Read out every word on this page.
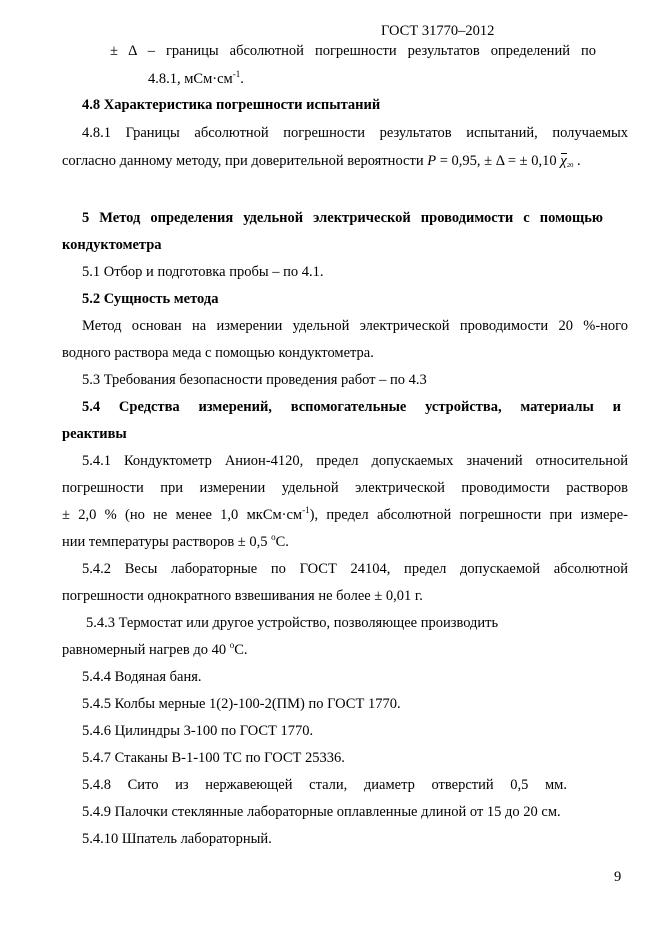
ГОСТ 31770–2012

± Δ – границы абсолютной погрешности результатов определений по

4.8.1, $мСм\cdot см^{-1}$.

4.8 Характеристика погрешности испытаний

4.8.1 Границы абсолютной погрешности результатов испытаний, получаемых

согласно данному методу, при доверительной вероятности P = 0,95, ± Δ = ± 0,10 $\chi_{20}$ .

5 Метод определения удельной электрической проводимости с помощью

кондуктометра

5.1 Отбор и подготовка пробы – по 4.1.

5.2 Сущность метода

Метод основан на измерении удельной электрической проводимости 20 %-ного

водного раствора меда с помощью кондуктометра.

5.3 Требования безопасности проведения работ – по 4.3

5.4 Средства измерений, вспомогательные устройства, материалы и

реактивы

5.4.1 Кондуктометр Анион-4120, предел допускаемых значений относительной

погрешности при измерении удельной электрической проводимости растворов

± 2,0 % (но не менее 1,0 $мкСм\cdot см^{-1}$), предел абсолютной погрешности при измере-

нии температуры растворов ± 0,5 $^о$С.

5.4.2 Весы лабораторные по ГОСТ 24104, предел допускаемой абсолютной

погрешности однократного взвешивания не более ± 0,01 г.

5.4.3 Термостат или другое устройство, позволяющее производить

равномерный нагрев до 40 $^о$С.

5.4.4 Водяная баня.

5.4.5 Колбы мерные 1(2)-100-2(ПМ) по ГОСТ 1770.

5.4.6 Цилиндры 3-100 по ГОСТ 1770.

5.4.7 Стаканы В-1-100 ТС по ГОСТ 25336.

5.4.8 Сито из нержавеющей стали, диаметр отверстий 0,5 мм.

5.4.9 Палочки стеклянные лабораторные оплавленные длиной от 15 до 20 см.

5.4.10 Шпатель лабораторный.

9
